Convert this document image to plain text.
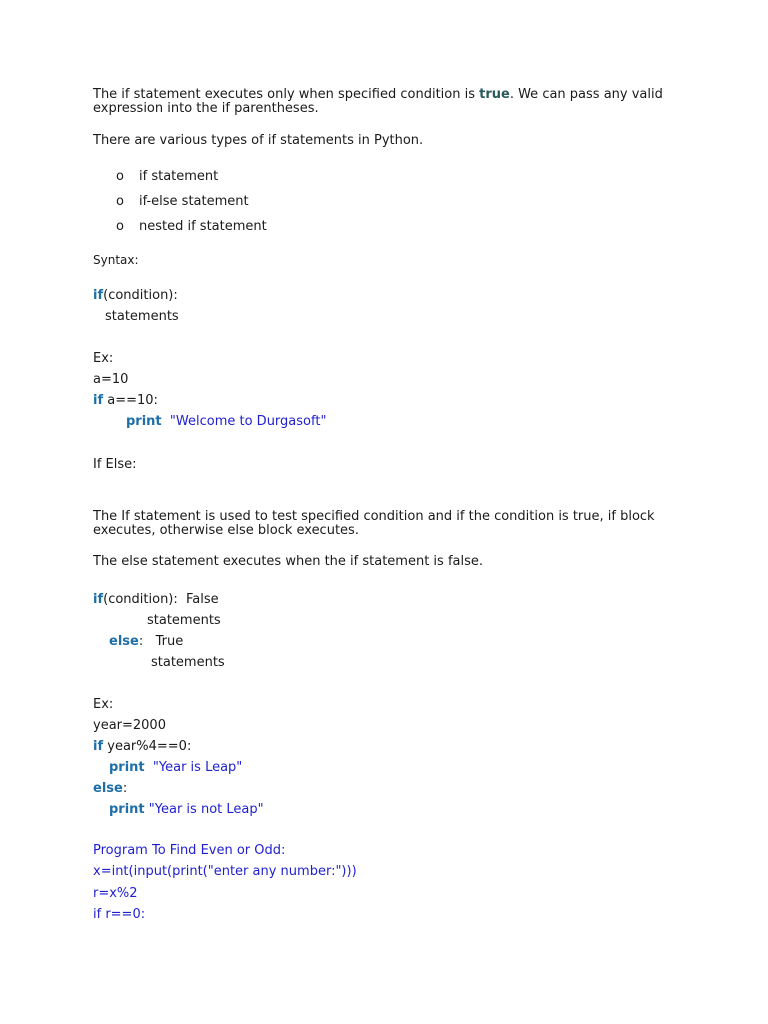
The if statement executes only when specified condition is true. We can pass any valid
expression into the if parentheses.
There are various types of if statements in Python.
o if statement
o if-else statement
o nested if statement
Syntax:
if(condition):
statements
Ex:
a=10
if a==10:
print "Welcome to Durgasoft"
If Else:
The If statement is used to test specified condition and if the condition is true, if block
executes, otherwise else block executes.
The else statement executes when the if statement is false.
if(condition):  False
statements
else:   True
statements
Ex:
year=2000
if year%4==0:
print "Year is Leap"
else:
print "Year is not Leap"
Program To Find Even or Odd:
x=int(input(print("enter any number:")))
r=x%2
if r==0:
